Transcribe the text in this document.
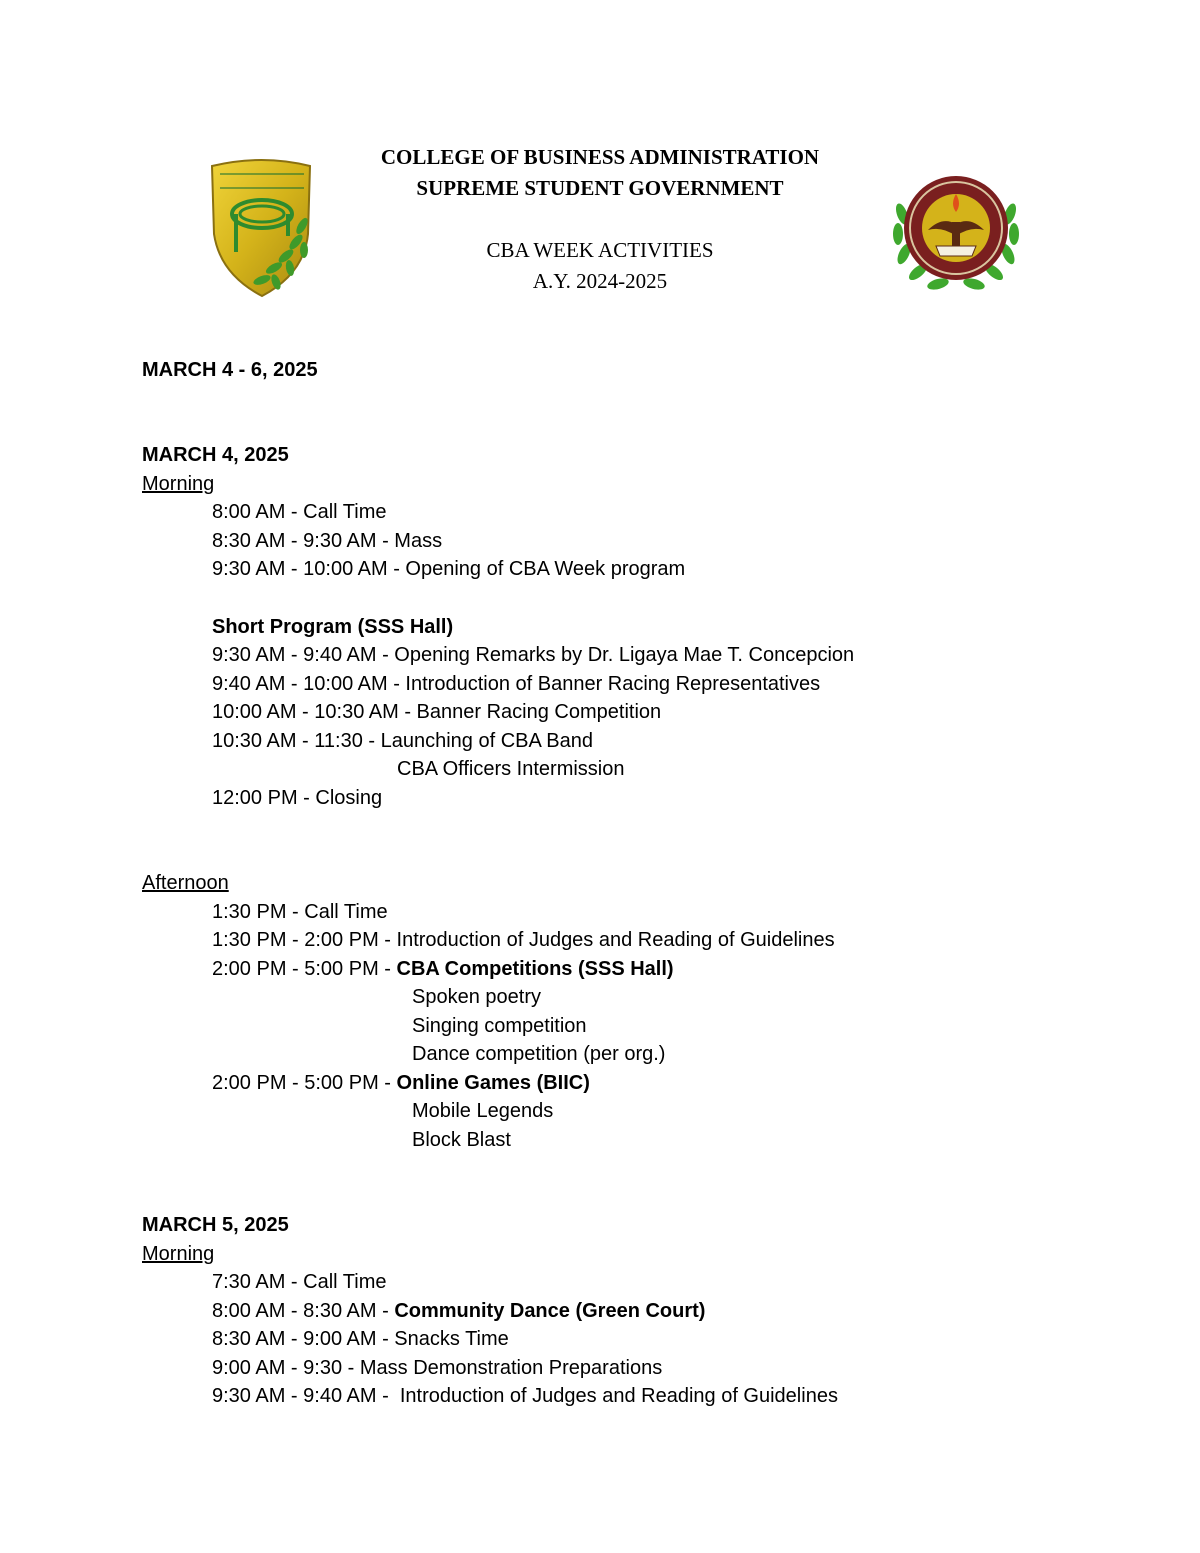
COLLEGE OF BUSINESS ADMINISTRATION
SUPREME STUDENT GOVERNMENT
CBA WEEK ACTIVITIES
A.Y. 2024-2025
MARCH 4 - 6, 2025
MARCH 4, 2025
Morning
8:00 AM - Call Time
8:30 AM - 9:30 AM - Mass
9:30 AM - 10:00 AM - Opening of CBA Week program
Short Program (SSS Hall)
9:30 AM - 9:40 AM - Opening Remarks by Dr. Ligaya Mae T. Concepcion
9:40 AM - 10:00 AM - Introduction of Banner Racing Representatives
10:00 AM - 10:30 AM - Banner Racing Competition
10:30 AM - 11:30 - Launching of CBA Band
CBA Officers Intermission
12:00 PM - Closing
Afternoon
1:30 PM - Call Time
1:30 PM - 2:00 PM - Introduction of Judges and Reading of Guidelines
2:00 PM - 5:00 PM - CBA Competitions (SSS Hall)
Spoken poetry
Singing competition
Dance competition (per org.)
2:00 PM - 5:00 PM - Online Games (BIIC)
Mobile Legends
Block Blast
MARCH 5, 2025
Morning
7:30 AM - Call Time
8:00 AM - 8:30 AM - Community Dance (Green Court)
8:30 AM - 9:00 AM - Snacks Time
9:00 AM - 9:30 - Mass Demonstration Preparations
9:30 AM - 9:40 AM -  Introduction of Judges and Reading of Guidelines
